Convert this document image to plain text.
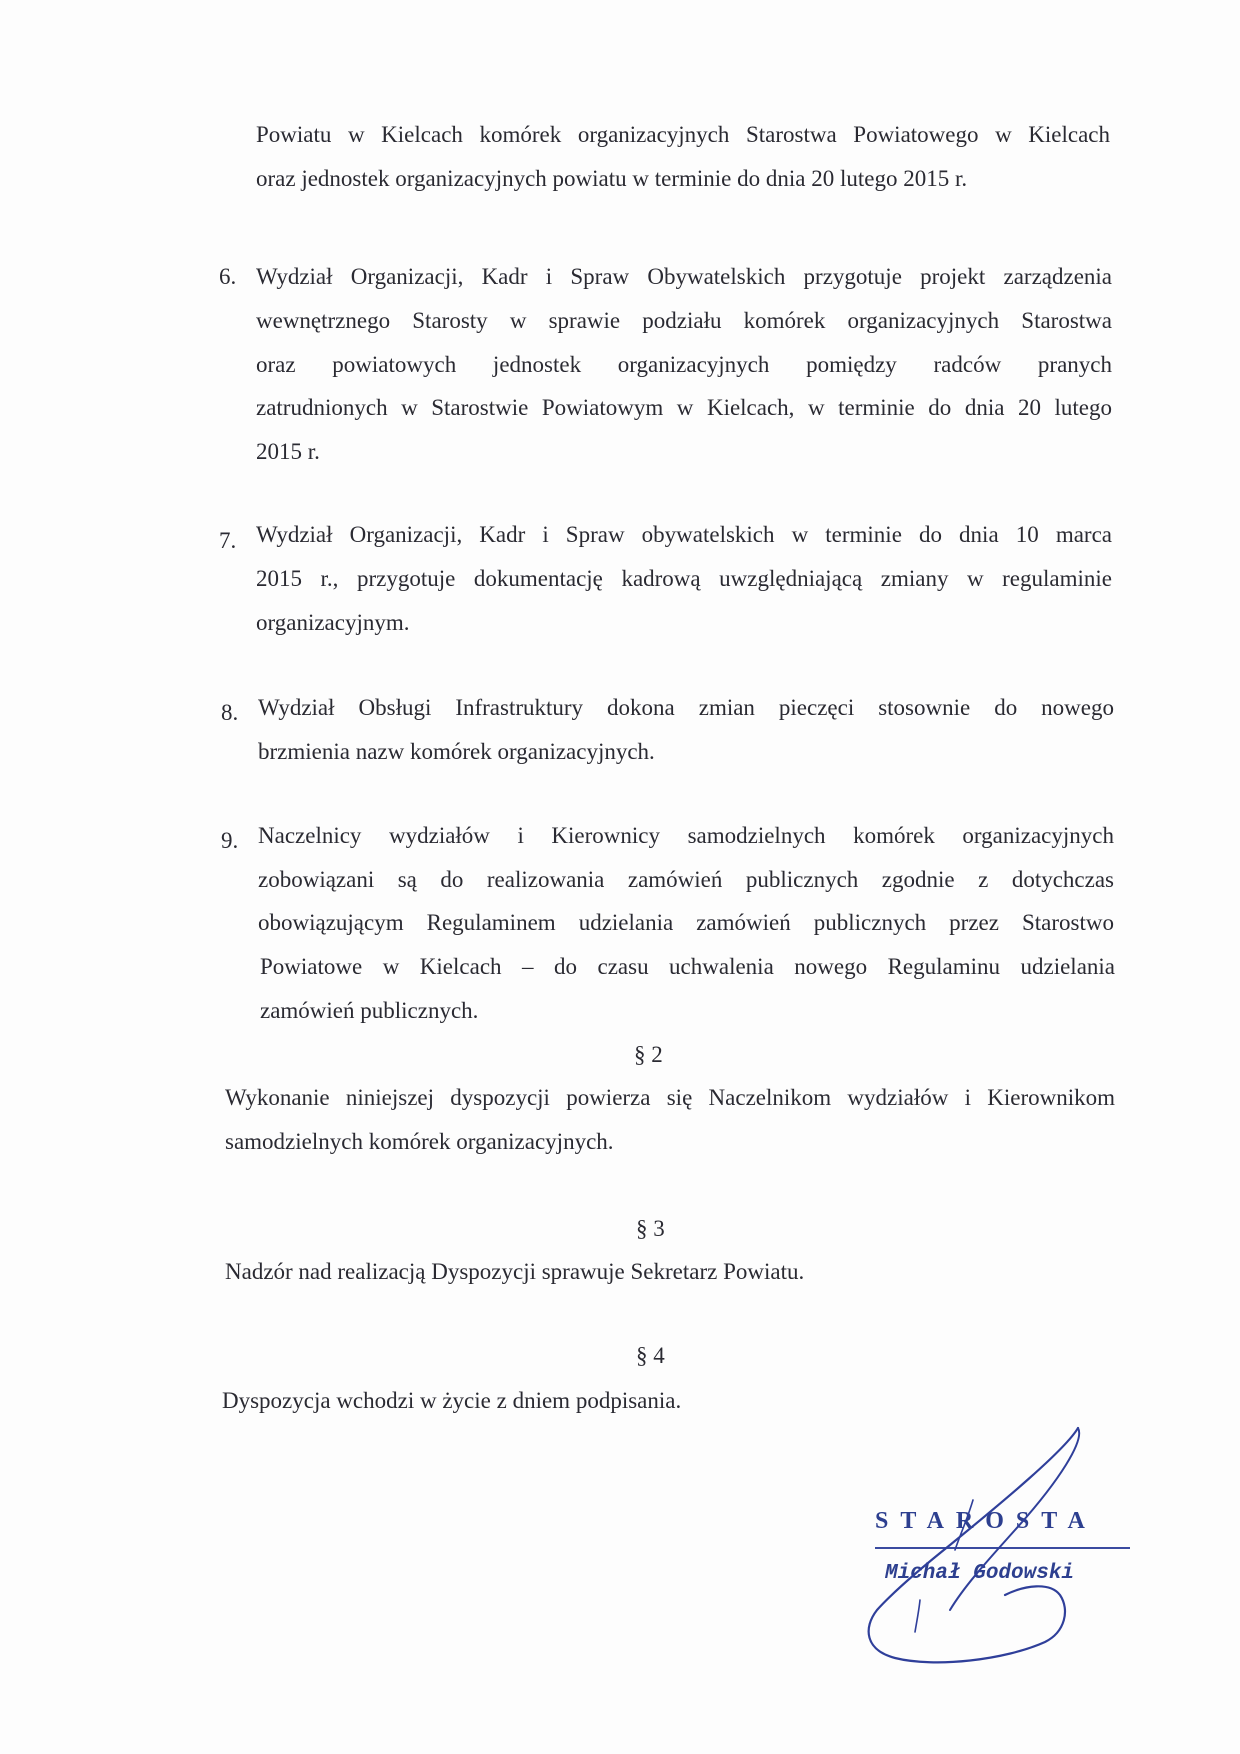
Powiatu w Kielcach komórek organizacyjnych Starostwa Powiatowego w Kielcach

oraz jednostek organizacyjnych powiatu w terminie do dnia 20 lutego 2015 r.

6. Wydział Organizacji, Kadr i Spraw Obywatelskich przygotuje projekt zarządzenia

wewnętrznego Starosty w sprawie podziału komórek organizacyjnych Starostwa

oraz powiatowych jednostek organizacyjnych pomiędzy radców pranych

zatrudnionych w Starostwie Powiatowym w Kielcach, w terminie do dnia 20 lutego

2015 r.

7. Wydział Organizacji, Kadr i Spraw obywatelskich w terminie do dnia 10 marca

2015 r., przygotuje dokumentację kadrową uwzględniającą zmiany w regulaminie

organizacyjnym.

8. Wydział Obsługi Infrastruktury dokona zmian pieczęci stosownie do nowego

brzmienia nazw komórek organizacyjnych.

9. Naczelnicy wydziałów i Kierownicy samodzielnych komórek organizacyjnych

zobowiązani są do realizowania zamówień publicznych zgodnie z dotychczas

obowiązującym Regulaminem udzielania zamówień publicznych przez Starostwo

Powiatowe w Kielcach – do czasu uchwalenia nowego Regulaminu udzielania

zamówień publicznych.

§ 2

Wykonanie niniejszej dyspozycji powierza się Naczelnikom wydziałów i Kierownikom

samodzielnych komórek organizacyjnych.

§ 3

Nadzór nad realizacją Dyspozycji sprawuje Sekretarz Powiatu.

§ 4

Dyspozycja wchodzi w życie z dniem podpisania.

STAROSTA
Michał Godowski
